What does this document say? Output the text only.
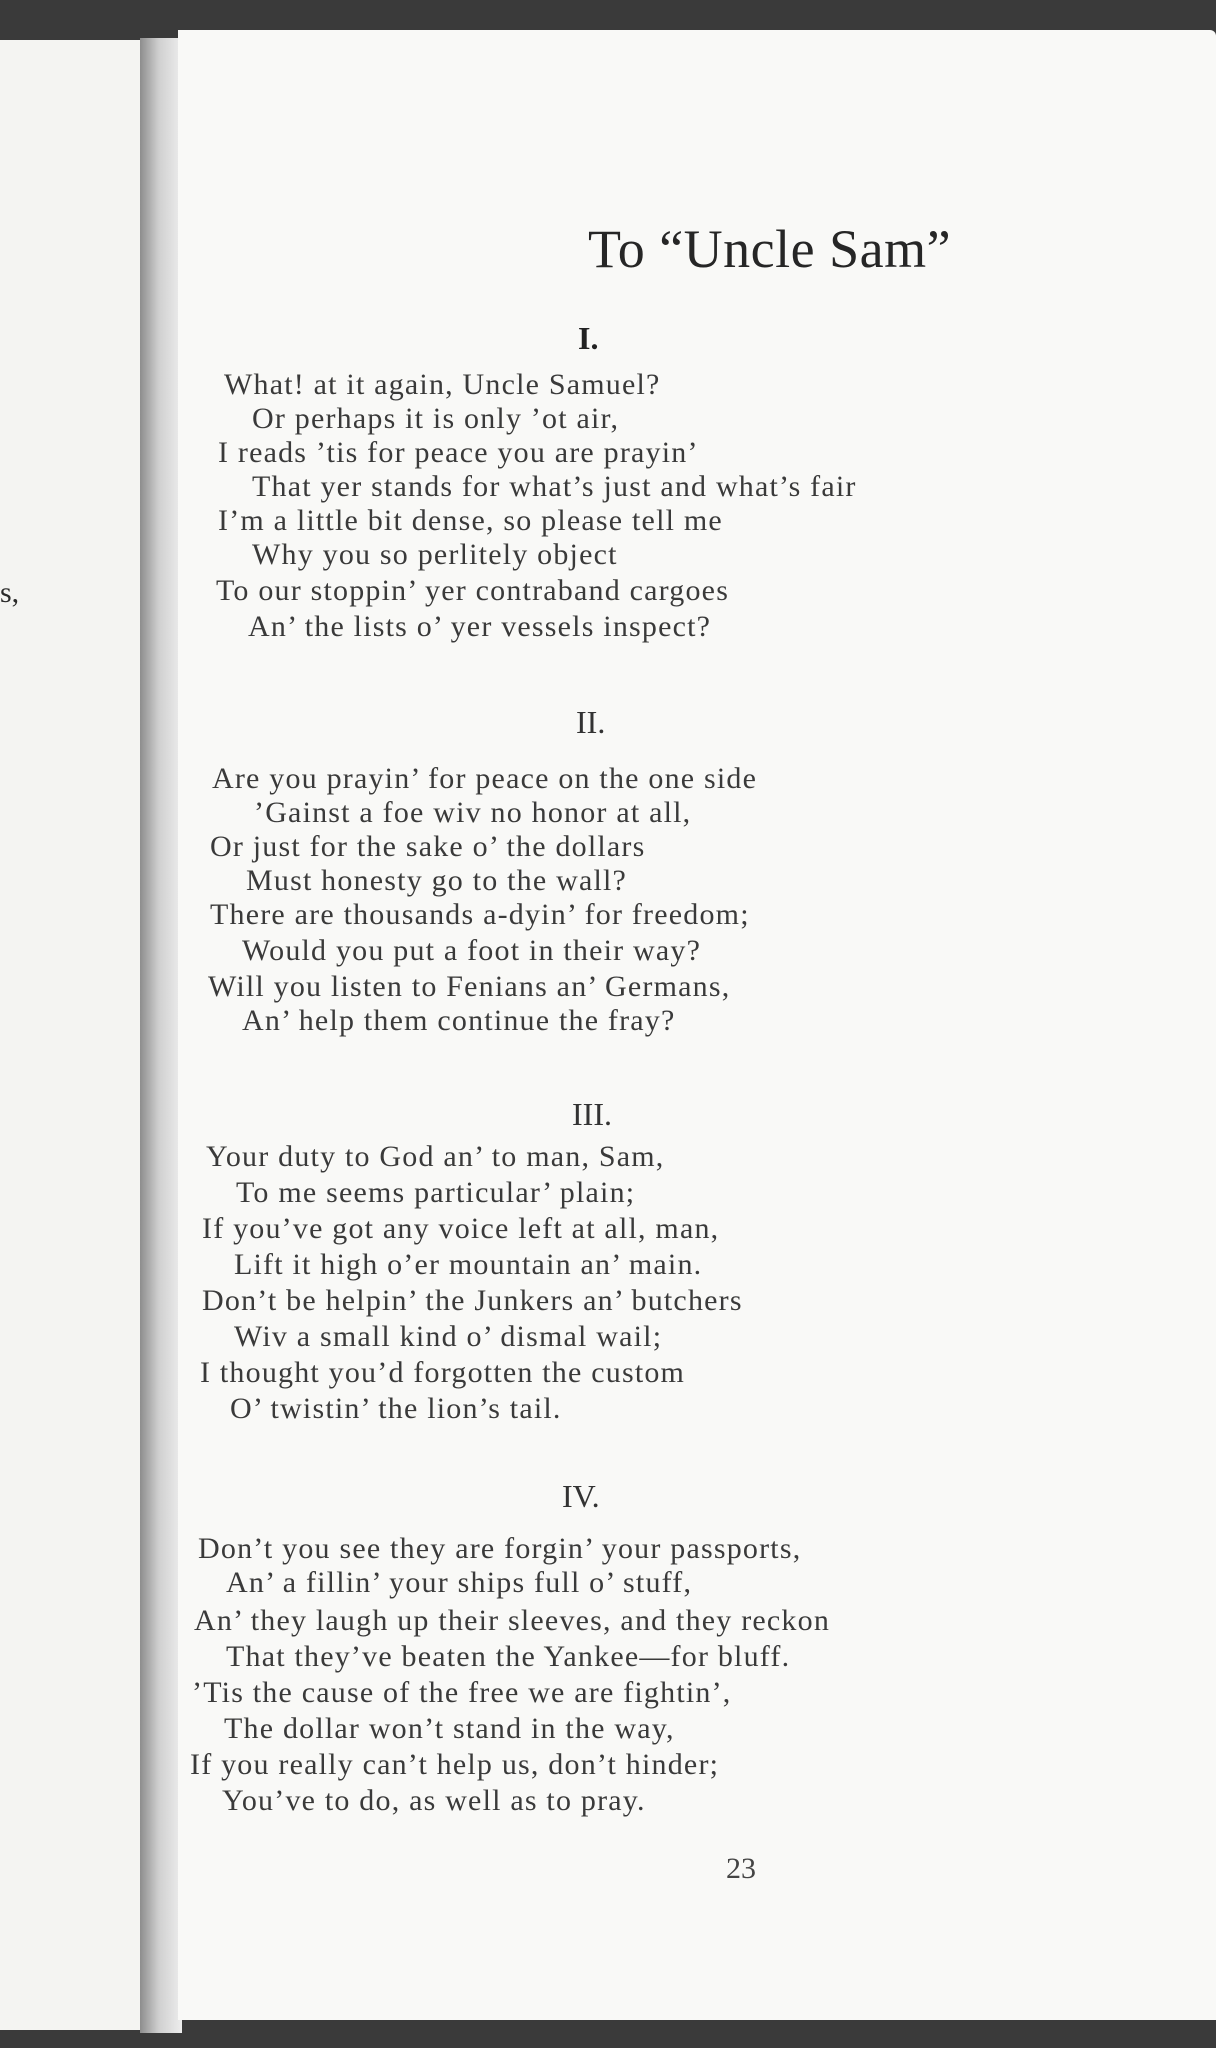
s,
To “Uncle Sam”
I.
What! at it again, Uncle Samuel?
Or perhaps it is only ’ot air,
I reads ’tis for peace you are prayin’
That yer stands for what’s just and what’s fair
I’m a little bit dense, so please tell me
Why you so perlitely object
To our stoppin’ yer contraband cargoes
An’ the lists o’ yer vessels inspect?
II.
Are you prayin’ for peace on the one side
’Gainst a foe wiv no honor at all,
Or just for the sake o’ the dollars
Must honesty go to the wall?
There are thousands a-dyin’ for freedom;
Would you put a foot in their way?
Will you listen to Fenians an’ Germans,
An’ help them continue the fray?
III.
Your duty to God an’ to man, Sam,
To me seems particular’ plain;
If you’ve got any voice left at all, man,
Lift it high o’er mountain an’ main.
Don’t be helpin’ the Junkers an’ butchers
Wiv a small kind o’ dismal wail;
I thought you’d forgotten the custom
O’ twistin’ the lion’s tail.
IV.
Don’t you see they are forgin’ your passports,
An’ a fillin’ your ships full o’ stuff,
An’ they laugh up their sleeves, and they reckon
That they’ve beaten the Yankee—for bluff.
’Tis the cause of the free we are fightin’,
The dollar won’t stand in the way,
If you really can’t help us, don’t hinder;
You’ve to do, as well as to pray.
23
